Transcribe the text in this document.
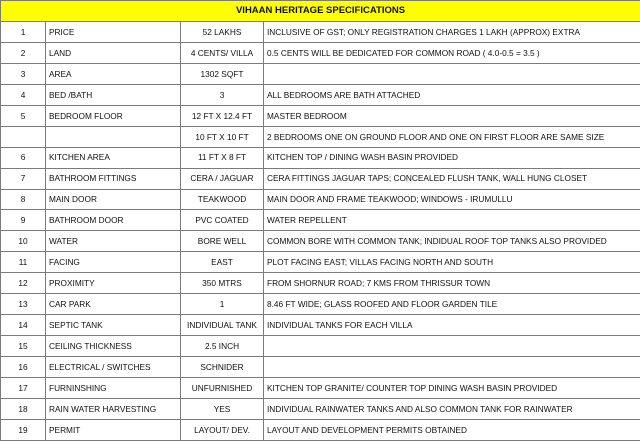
VIHAAN HERITAGE SPECIFICATIONS			
1	PRICE	52 LAKHS	INCLUSIVE OF GST; ONLY REGISTRATION CHARGES 1 LAKH (APPROX) EXTRA
2	LAND	4 CENTS/ VILLA	0.5 CENTS WILL BE DEDICATED FOR COMMON ROAD ( 4.0-0.5 = 3.5 )
3	AREA	1302 SQFT	
4	BED /BATH	3	ALL BEDROOMS ARE BATH ATTACHED
5	BEDROOM FLOOR	12 FT X 12.4 FT	MASTER BEDROOM
		10 FT X 10 FT	2 BEDROOMS ONE ON GROUND FLOOR AND ONE ON FIRST FLOOR ARE SAME SIZE
6	KITCHEN AREA	11 FT X 8 FT	KITCHEN TOP / DINING WASH BASIN PROVIDED
7	BATHROOM FITTINGS	CERA / JAGUAR	CERA FITTINGS JAGUAR TAPS; CONCEALED FLUSH TANK, WALL HUNG CLOSET
8	MAIN DOOR	TEAKWOOD	MAIN DOOR AND FRAME TEAKWOOD; WINDOWS - IRUMULLU
9	BATHROOM DOOR	PVC COATED	WATER REPELLENT
10	WATER	BORE WELL	COMMON BORE WITH COMMON TANK; INDIDUAL ROOF TOP TANKS ALSO PROVIDED
11	FACING	EAST	PLOT FACING EAST; VILLAS FACING NORTH AND SOUTH
12	PROXIMITY	350 MTRS	FROM SHORNUR ROAD; 7 KMS FROM THRISSUR TOWN
13	CAR PARK	1	8.46 FT WIDE; GLASS ROOFED AND FLOOR GARDEN TILE
14	SEPTIC TANK	INDIVIDUAL TANK	INDIVIDUAL TANKS FOR EACH VILLA
15	CEILING THICKNESS	2.5 INCH	
16	ELECTRICAL / SWITCHES	SCHNIDER	
17	FURNINSHING	UNFURNISHED	KITCHEN TOP GRANITE/ COUNTER TOP DINING WASH BASIN PROVIDED
18	RAIN WATER HARVESTING	YES	INDIVIDUAL RAINWATER TANKS AND ALSO COMMON TANK FOR RAINWATER
19	PERMIT	LAYOUT/ DEV.	LAYOUT AND DEVELOPMENT PERMITS OBTAINED
